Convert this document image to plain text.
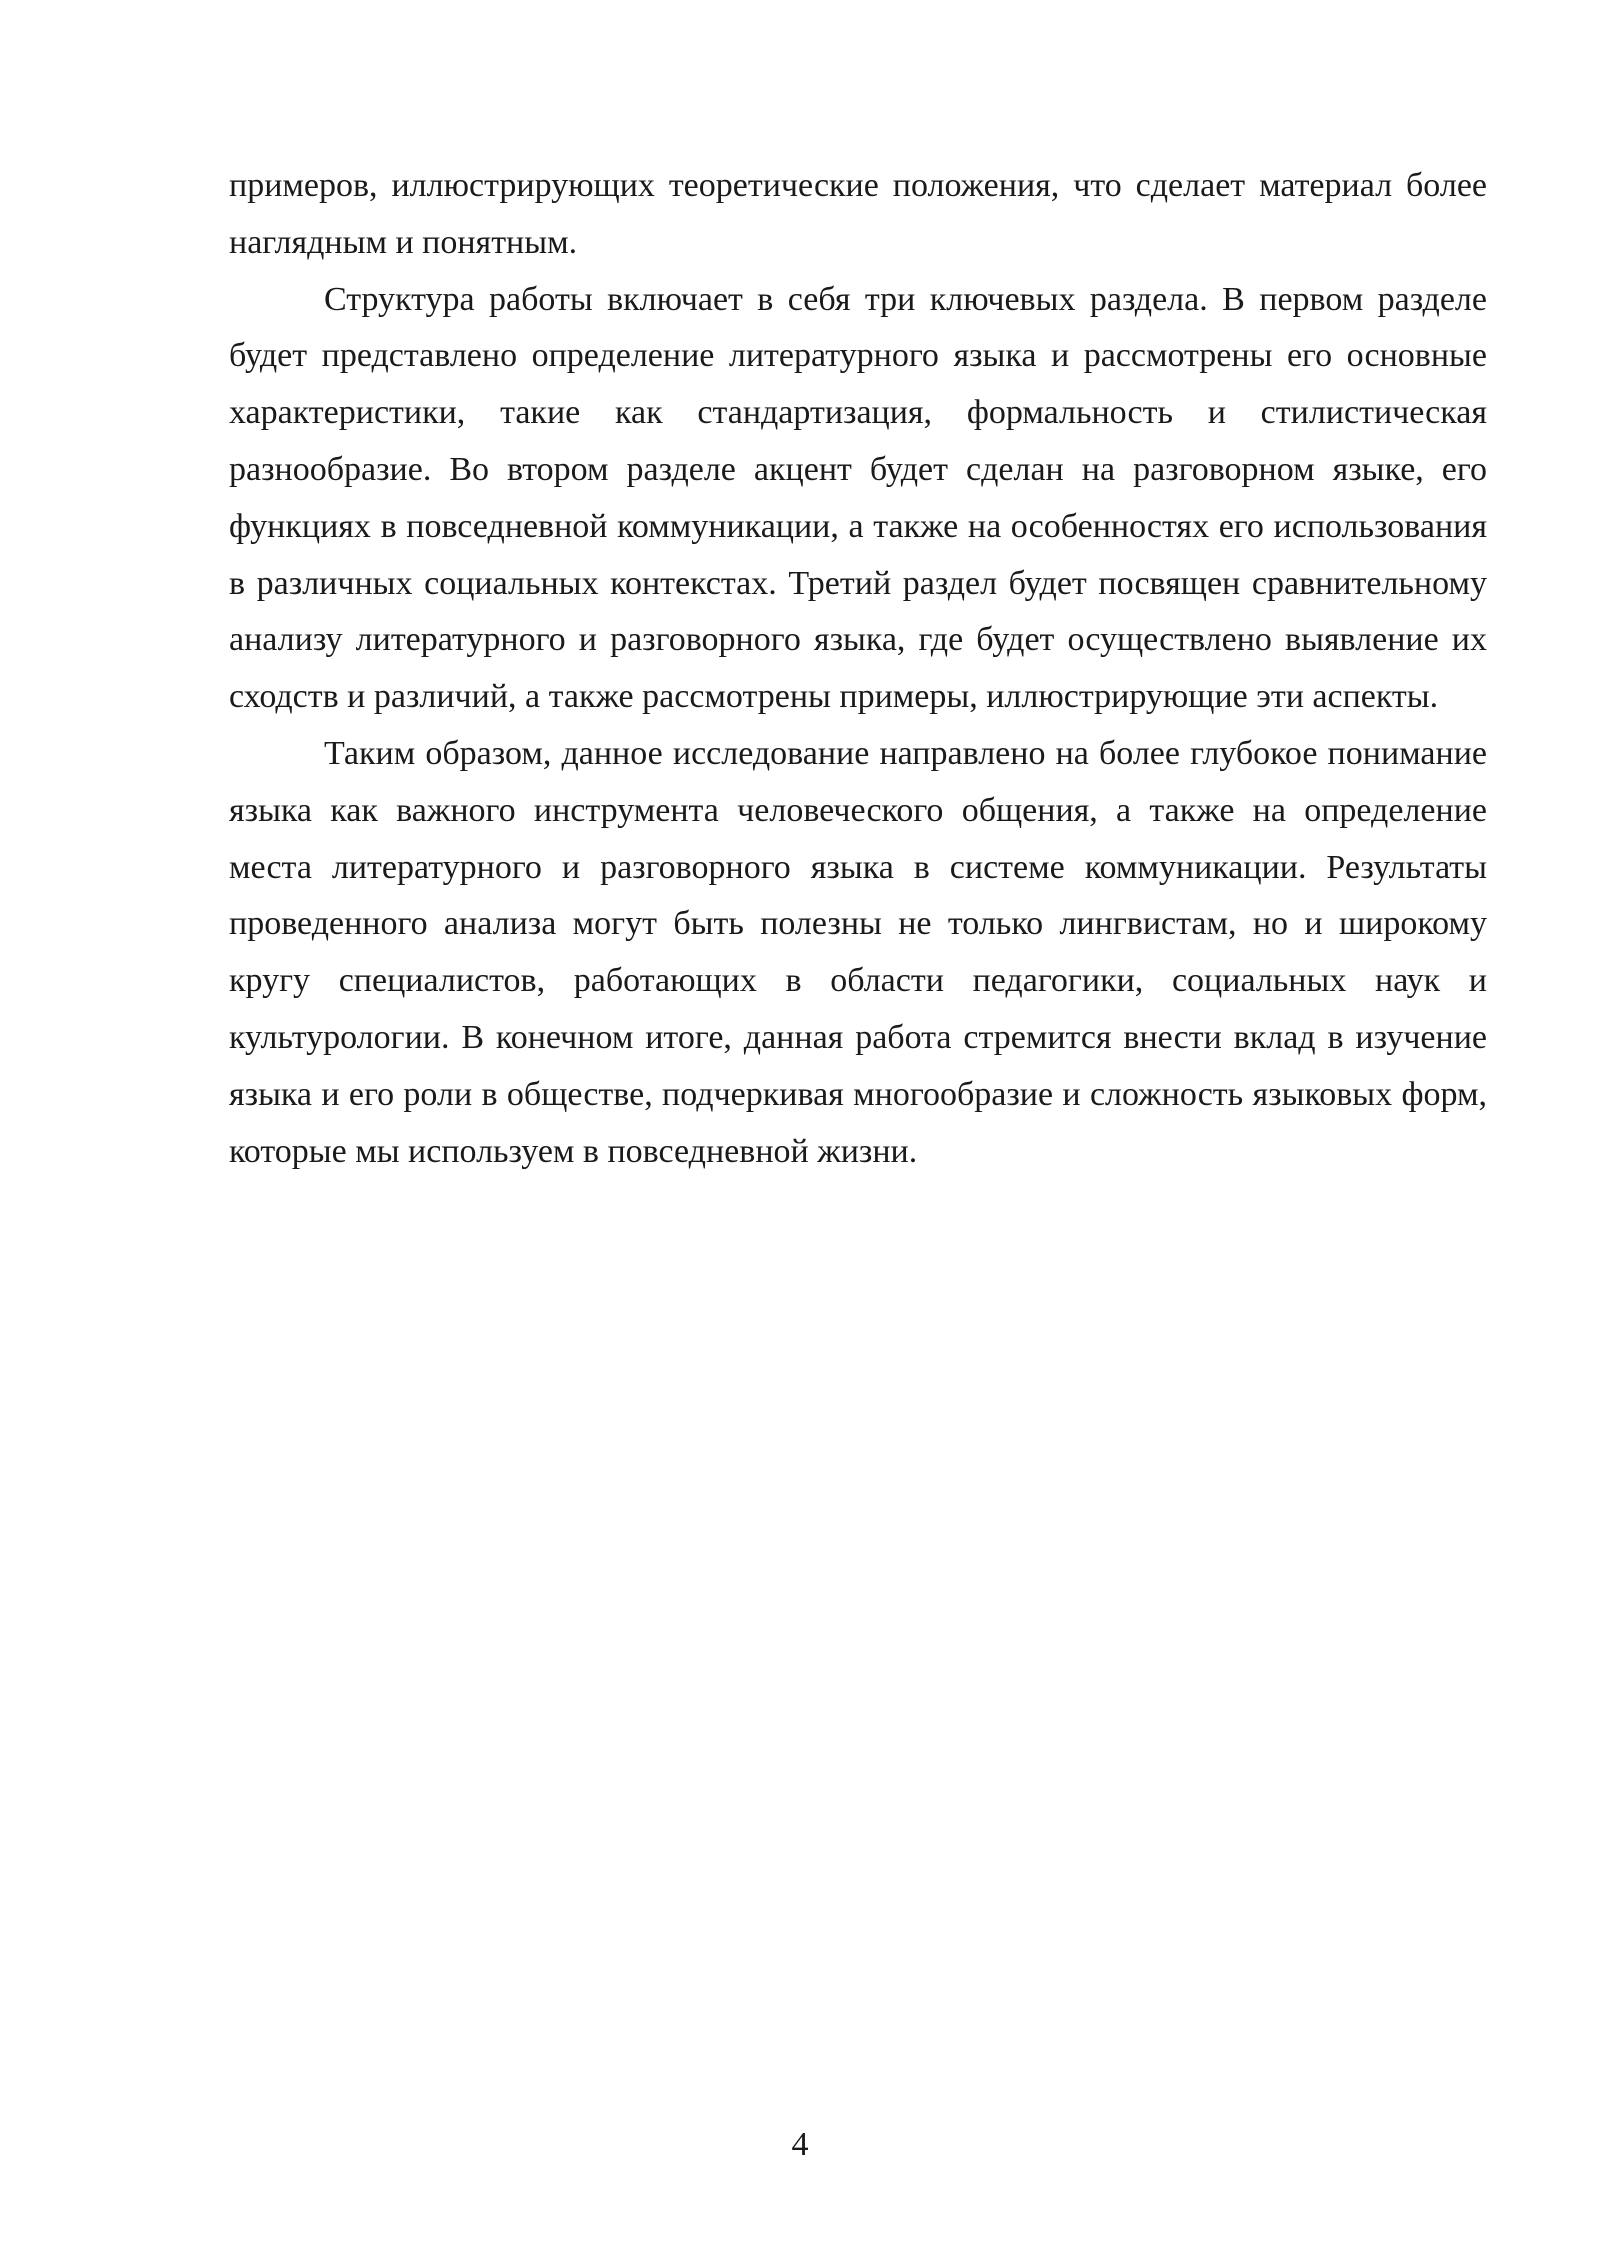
примеров, иллюстрирующих теоретические положения, что сделает материал более наглядным и понятным.

Структура работы включает в себя три ключевых раздела. В первом разделе будет представлено определение литературного языка и рассмотрены его основные характеристики, такие как стандартизация, формальность и стилистическая разнообразие. Во втором разделе акцент будет сделан на разговорном языке, его функциях в повседневной коммуникации, а также на особенностях его использования в различных социальных контекстах. Третий раздел будет посвящен сравнительному анализу литературного и разговорного языка, где будет осуществлено выявление их сходств и различий, а также рассмотрены примеры, иллюстрирующие эти аспекты.

Таким образом, данное исследование направлено на более глубокое понимание языка как важного инструмента человеческого общения, а также на определение места литературного и разговорного языка в системе коммуникации. Результаты проведенного анализа могут быть полезны не только лингвистам, но и широкому кругу специалистов, работающих в области педагогики, социальных наук и культурологии. В конечном итоге, данная работа стремится внести вклад в изучение языка и его роли в обществе, подчеркивая многообразие и сложность языковых форм, которые мы используем в повседневной жизни.

4
